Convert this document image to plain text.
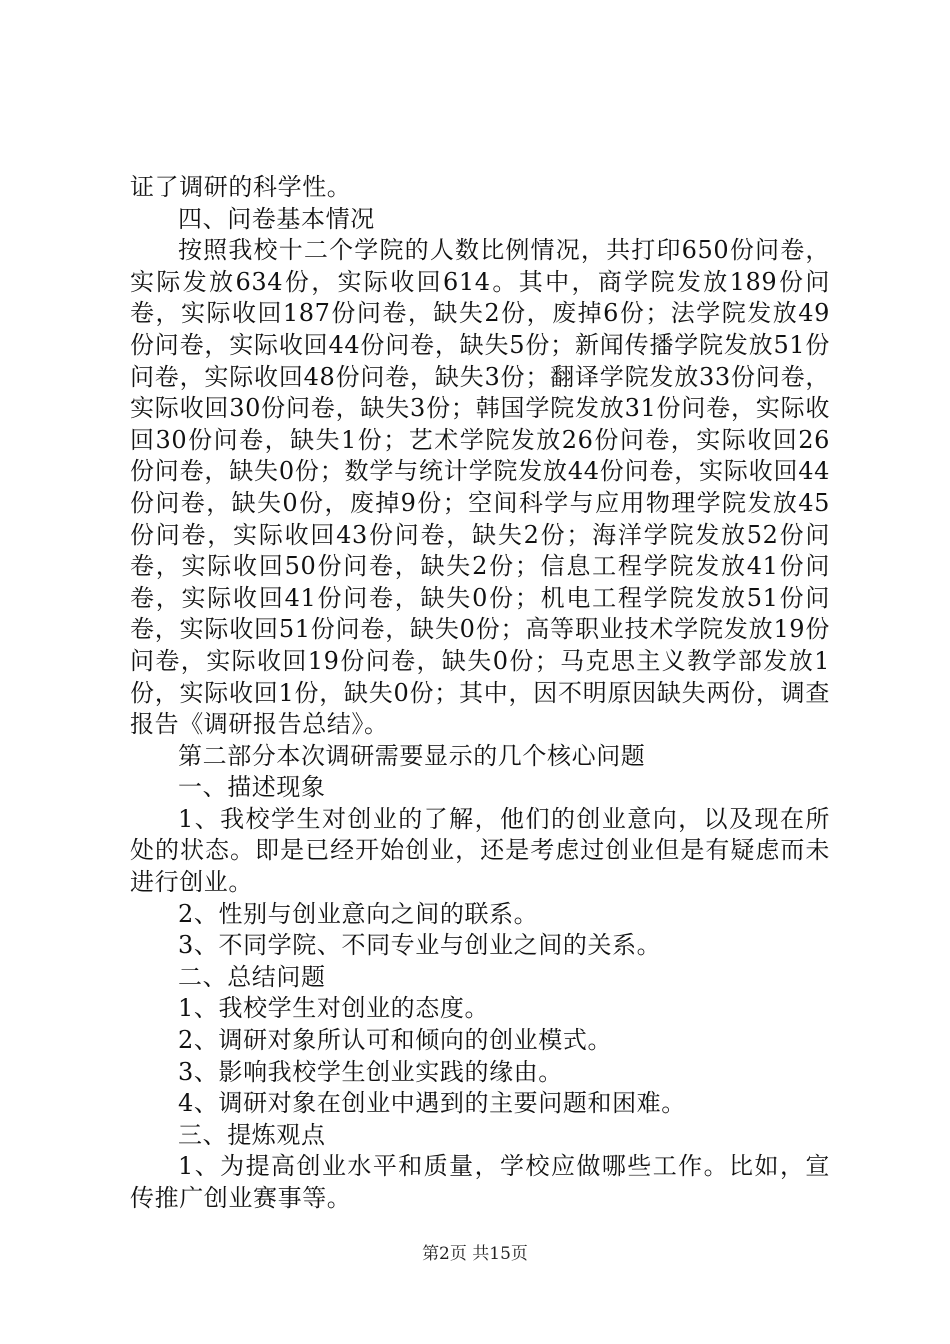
证了调研的科学性。

四、问卷基本情况

按照我校十二个学院的人数比例情况，共打印650份问卷，实际发放634份，实际收回614。其中，商学院发放189份问卷，实际收回187份问卷，缺失2份，废掉6份；法学院发放49份问卷，实际收回44份问卷，缺失5份；新闻传播学院发放51份问卷，实际收回48份问卷，缺失3份；翻译学院发放33份问卷，实际收回30份问卷，缺失3份；韩国学院发放31份问卷，实际收回30份问卷，缺失1份；艺术学院发放26份问卷，实际收回26份问卷，缺失0份；数学与统计学院发放44份问卷，实际收回44份问卷，缺失0份，废掉9份；空间科学与应用物理学院发放45份问卷，实际收回43份问卷，缺失2份；海洋学院发放52份问卷，实际收回50份问卷，缺失2份；信息工程学院发放41份问卷，实际收回41份问卷，缺失0份；机电工程学院发放51份问卷，实际收回51份问卷，缺失0份；高等职业技术学院发放19份问卷，实际收回19份问卷，缺失0份；马克思主义教学部发放1份，实际收回1份，缺失0份；其中，因不明原因缺失两份，调查报告《调研报告总结》。

第二部分本次调研需要显示的几个核心问题

一、描述现象

1、我校学生对创业的了解，他们的创业意向，以及现在所处的状态。即是已经开始创业，还是考虑过创业但是有疑虑而未进行创业。

2、性别与创业意向之间的联系。

3、不同学院、不同专业与创业之间的关系。

二、总结问题

1、我校学生对创业的态度。

2、调研对象所认可和倾向的创业模式。

3、影响我校学生创业实践的缘由。

4、调研对象在创业中遇到的主要问题和困难。

三、提炼观点

1、为提高创业水平和质量，学校应做哪些工作。比如，宣传推广创业赛事等。

第2页 共15页
